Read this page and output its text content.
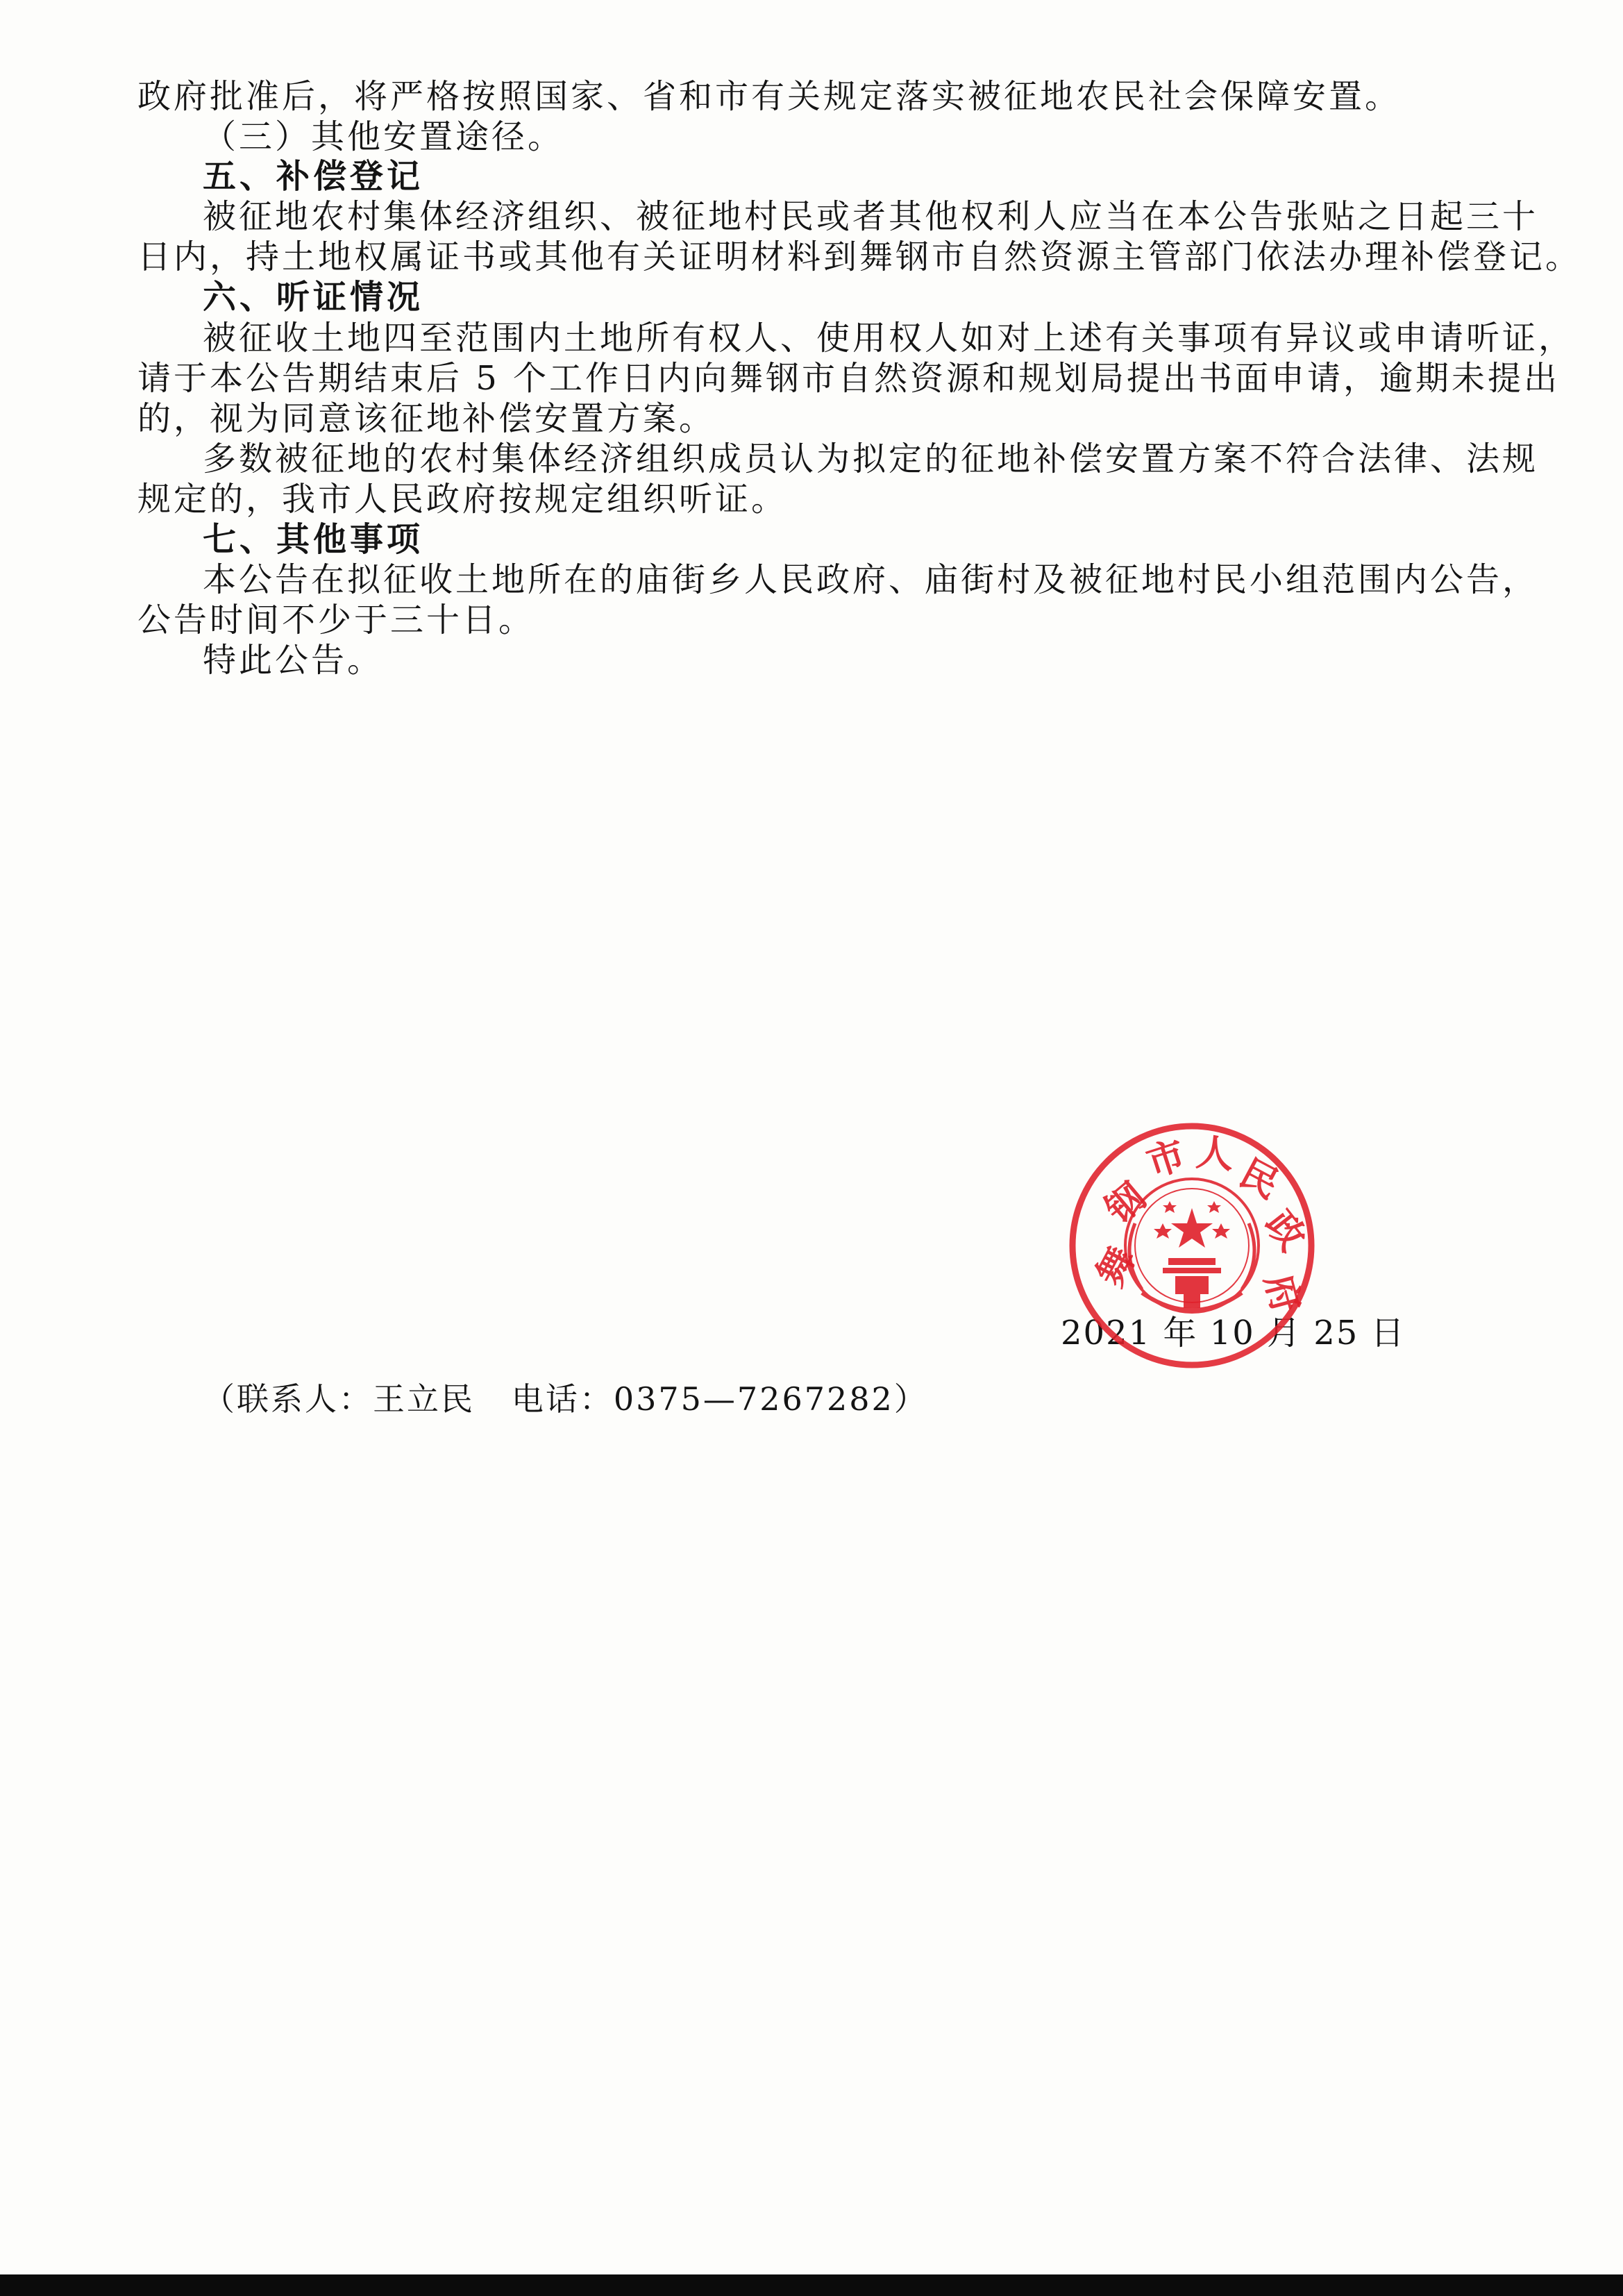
政府批准后，将严格按照国家、省和市有关规定落实被征地农民社会保障安置。
（三）其他安置途径。
五、补偿登记
被征地农村集体经济组织、被征地村民或者其他权利人应当在本公告张贴之日起三十
日内，持土地权属证书或其他有关证明材料到舞钢市自然资源主管部门依法办理补偿登记。
六、听证情况
被征收土地四至范围内土地所有权人、使用权人如对上述有关事项有异议或申请听证，
请于本公告期结束后 5 个工作日内向舞钢市自然资源和规划局提出书面申请，逾期未提出
的，视为同意该征地补偿安置方案。
多数被征地的农村集体经济组织成员认为拟定的征地补偿安置方案不符合法律、法规
规定的，我市人民政府按规定组织听证。
七、其他事项
本公告在拟征收土地所在的庙街乡人民政府、庙街村及被征地村民小组范围内公告，
公告时间不少于三十日。
特此公告。
2021 年 10 月 25 日
舞
钢
市 人
民
政
府
（联系人：王立民   电话：0375—7267282）
